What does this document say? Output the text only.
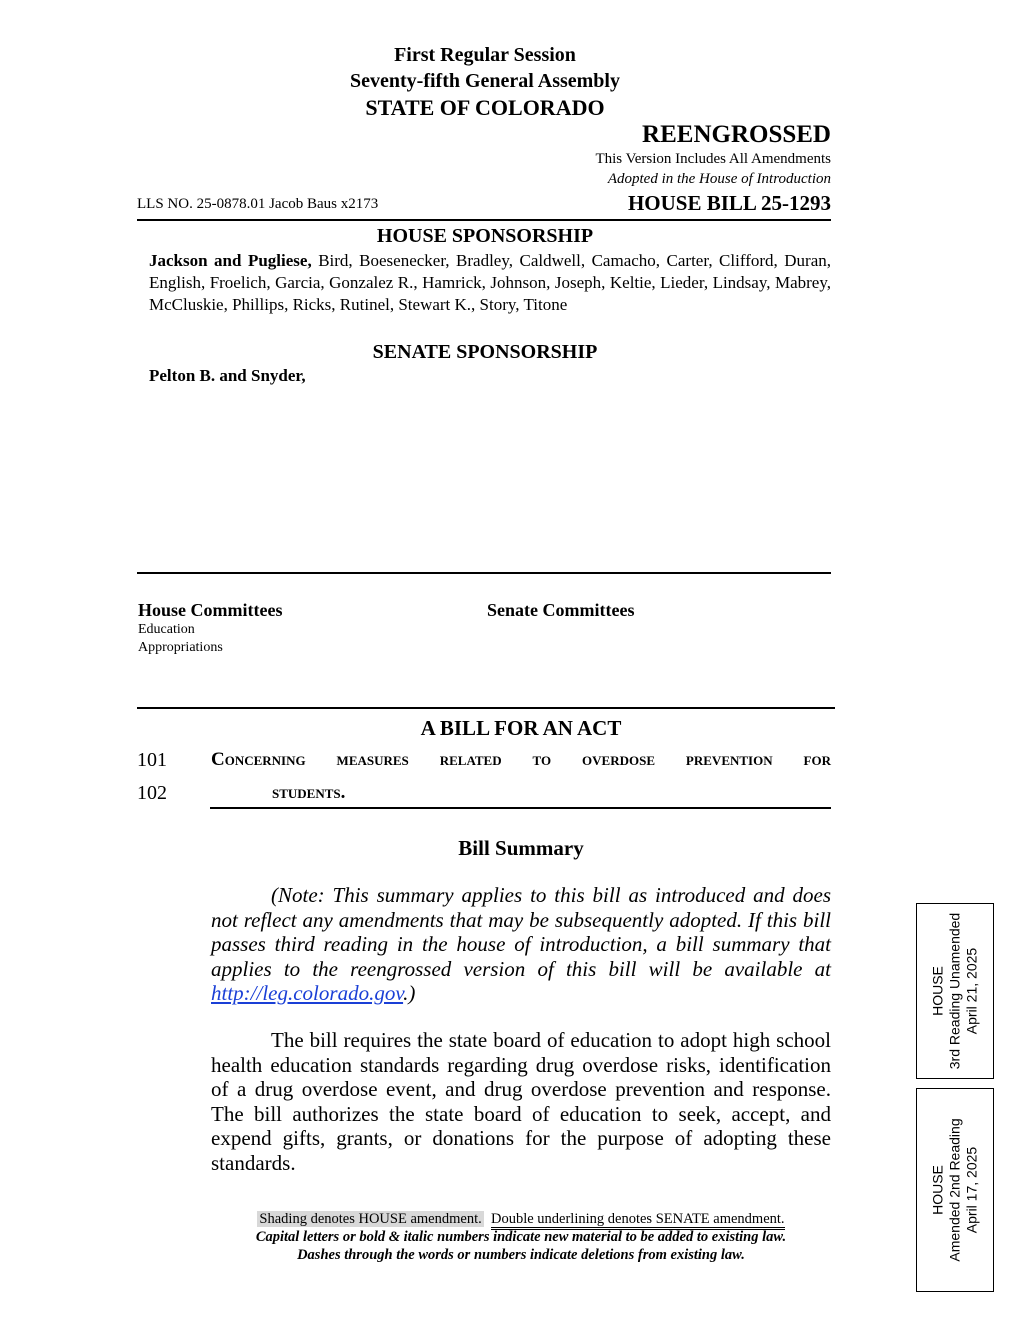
First Regular Session
Seventy-fifth General Assembly
STATE OF COLORADO
REENGROSSED
This Version Includes All Amendments
Adopted in the House of Introduction
LLS NO. 25-0878.01 Jacob Baus x2173	HOUSE BILL 25-1293
HOUSE SPONSORSHIP
Jackson and Pugliese, Bird, Boesenecker, Bradley, Caldwell, Camacho, Carter, Clifford, Duran, English, Froelich, Garcia, Gonzalez R., Hamrick, Johnson, Joseph, Keltie, Lieder, Lindsay, Mabrey, McCluskie, Phillips, Ricks, Rutinel, Stewart K., Story, Titone
SENATE SPONSORSHIP
Pelton B. and Snyder,
House Committees
Education
Appropriations
Senate Committees
A BILL FOR AN ACT
101 Concerning measures related to overdose prevention for
102	students.
Bill Summary
(Note: This summary applies to this bill as introduced and does not reflect any amendments that may be subsequently adopted. If this bill passes third reading in the house of introduction, a bill summary that applies to the reengrossed version of this bill will be available at http://leg.colorado.gov.)
The bill requires the state board of education to adopt high school health education standards regarding drug overdose risks, identification of a drug overdose event, and drug overdose prevention and response. The bill authorizes the state board of education to seek, accept, and expend gifts, grants, or donations for the purpose of adopting these standards.
Shading denotes HOUSE amendment. Double underlining denotes SENATE amendment.
Capital letters or bold & italic numbers indicate new material to be added to existing law.
Dashes through the words or numbers indicate deletions from existing law.
HOUSE 3rd Reading Unamended April 21, 2025
HOUSE Amended 2nd Reading April 17, 2025
